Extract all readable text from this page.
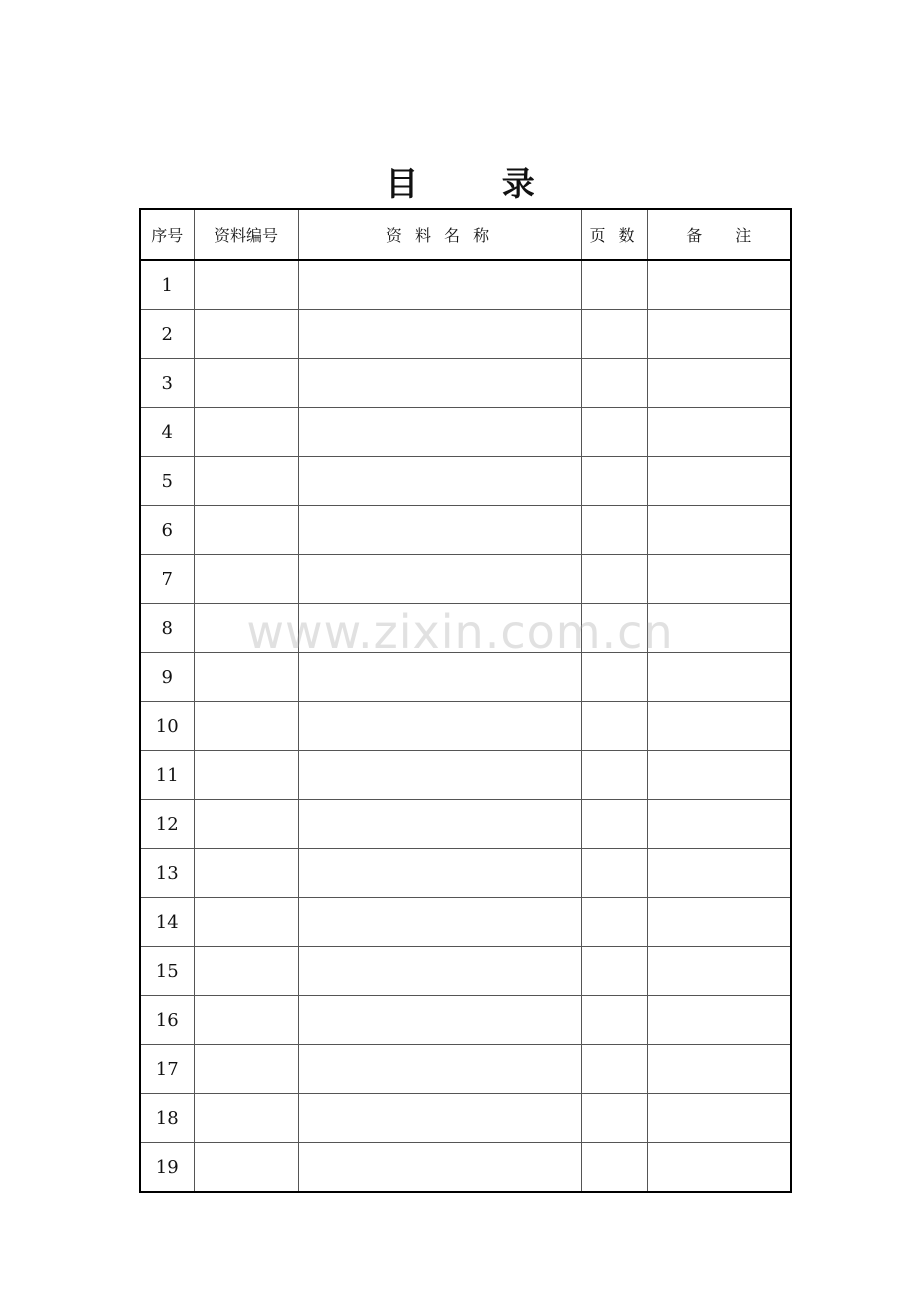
目 录
序号	资料编号	资 料 名 称	页 数	备 注
1				
2				
3				
4				
5				
6				
7				
8				
9				
10				
11				
12				
13				
14				
15				
16				
17				
18				
19				
www.zixin.com.cn
